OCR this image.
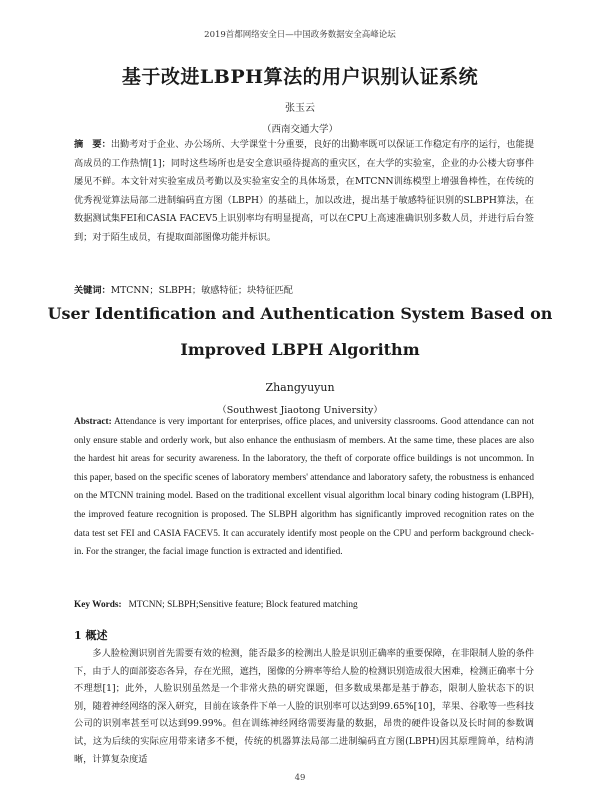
2019首都网络安全日—中国政务数据安全高峰论坛
基于改进LBPH算法的用户识别认证系统
张玉云
（西南交通大学）
摘　要：出勤考对于企业、办公场所、大学课堂十分重要，良好的出勤率既可以保证工作稳定有序的运行，也能提高成员的工作热情[1]；同时这些场所也是安全意识亟待提高的重灾区，在大学的实验室，企业的办公楼大窃事件屡见不鲜。本文针对实验室成员考勤以及实验室安全的具体场景，在MTCNN训练模型上增强鲁棒性，在传统的优秀视觉算法局部二进制编码直方图（LBPH）的基础上，加以改进，提出基于敏感特征识别的SLBPH算法，在数据测试集FEI和CASIA FACEV5上识别率均有明显提高，可以在CPU上高速准确识别多数人员，并进行后台签到；对于陌生成员，有提取面部图像功能并标识。
关键词：MTCNN；SLBPH；敏感特征；块特征匹配
User Identification and Authentication System Based on
Improved LBPH Algorithm
Zhangyuyun
（Southwest Jiaotong University）
Abstract: Attendance is very important for enterprises, office places, and university classrooms. Good attendance can not only ensure stable and orderly work, but also enhance the enthusiasm of members. At the same time, these places are also the hardest hit areas for security awareness. In the laboratory, the theft of corporate office buildings is not uncommon. In this paper, based on the specific scenes of laboratory members' attendance and laboratory safety, the robustness is enhanced on the MTCNN training model. Based on the traditional excellent visual algorithm local binary coding histogram (LBPH), the improved feature recognition is proposed. The SLBPH algorithm has significantly improved recognition rates on the data test set FEI and CASIA FACEV5. It can accurately identify most people on the CPU and perform background check-in. For the stranger, the facial image function is extracted and identified.
Key Words: MTCNN; SLBPH;Sensitive feature; Block featured matching
1 概述
多人脸检测识别首先需要有效的检测，能否最多的检测出人脸是识别正确率的重要保障，在非限制人脸的条件下，由于人的面部姿态各异，存在光照，遮挡，图像的分辨率等给人脸的检测识别造成很大困难，检测正确率十分不理想[1]；此外，人脸识别虽然是一个非常火热的研究课题，但多数成果都是基于静态，限制人脸状态下的识别，随着神经网络的深入研究，目前在该条件下单一人脸的识别率可以达到99.65%[10]，苹果、谷歌等一些科技公司的识别率甚至可以达到99.99%。但在训练神经网络需要海量的数据，昂贵的硬件设备以及长时间的参数调试，这为后续的实际应用带来诸多不便，传统的机器算法局部二进制编码直方图(LBPH)因其原理简单，结构清晰，计算复杂度适
49
